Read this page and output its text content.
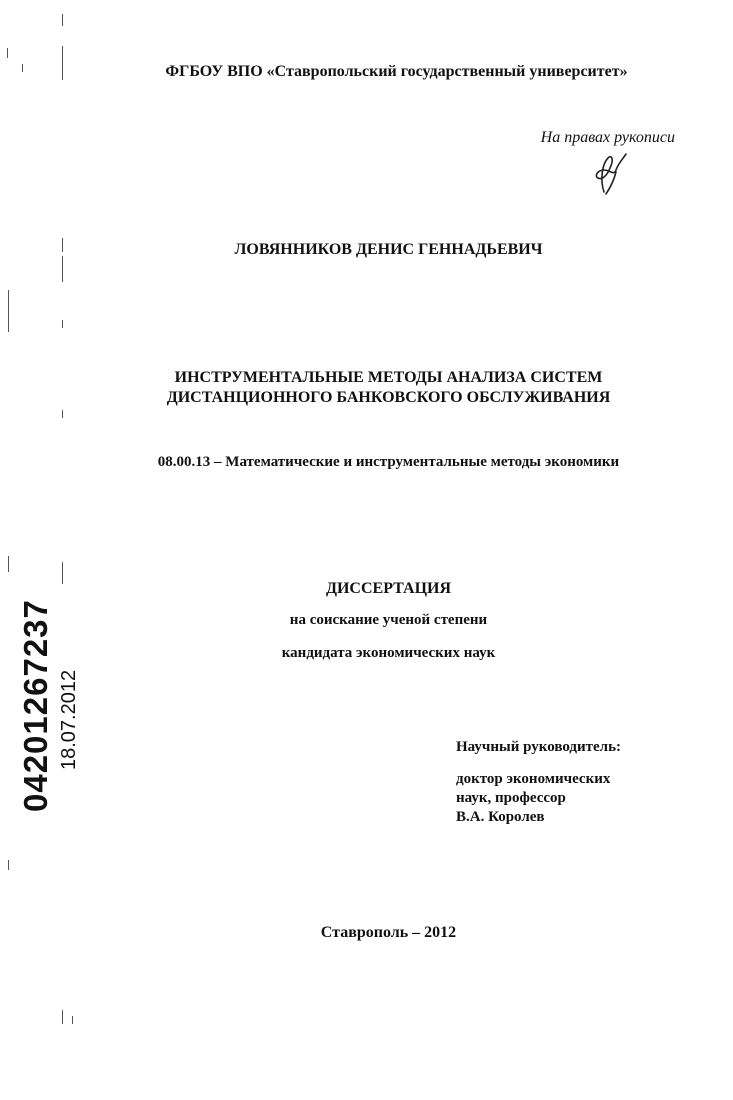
04201267237 18.07.2012
ФГБОУ ВПО «Ставропольский государственный университет»
На правах рукописи
ЛОВЯННИКОВ ДЕНИС ГЕННАДЬЕВИЧ
ИНСТРУМЕНТАЛЬНЫЕ МЕТОДЫ АНАЛИЗА СИСТЕМ
ДИСТАНЦИОННОГО БАНКОВСКОГО ОБСЛУЖИВАНИЯ
08.00.13 – Математические и инструментальные методы экономики
ДИССЕРТАЦИЯ
на соискание ученой степени
кандидата экономических наук
Научный руководитель:
доктор экономических
наук, профессор
В.А. Королев
Ставрополь – 2012
